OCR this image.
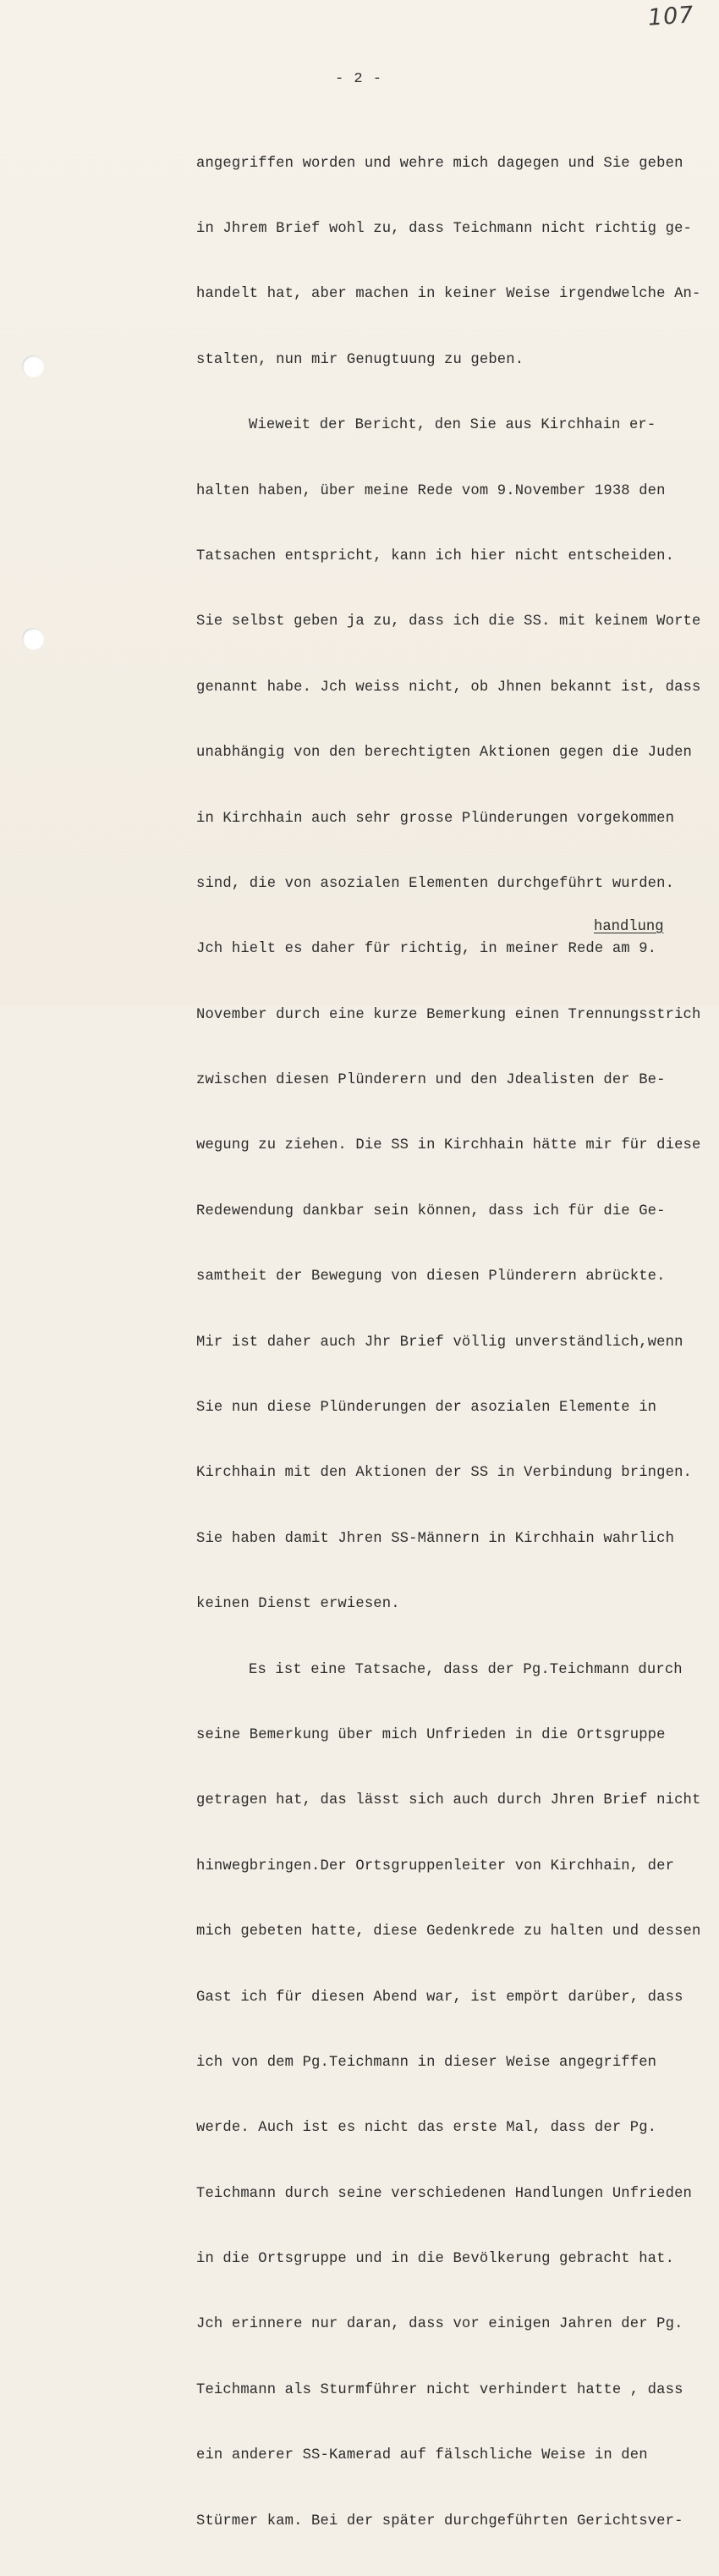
107
- 2 -

angegriffen worden und wehre mich dagegen und Sie geben

in Jhrem Brief wohl zu, dass Teichmann nicht richtig ge-

handelt hat, aber machen in keiner Weise irgendwelche An-

stalten, nun mir Genugtuung zu geben.

Wieweit der Bericht, den Sie aus Kirchhain er-

halten haben, über meine Rede vom 9.November 1938 den

Tatsachen entspricht, kann ich hier nicht entscheiden.

Sie selbst geben ja zu, dass ich die SS. mit keinem Worte

genannt habe. Jch weiss nicht, ob Jhnen bekannt ist, dass

unabhängig von den berechtigten Aktionen gegen die Juden

in Kirchhain auch sehr grosse Plünderungen vorgekommen

sind, die von asozialen Elementen durchgeführt wurden.

Jch hielt es daher für richtig, in meiner Rede am 9.

November durch eine kurze Bemerkung einen Trennungsstrich

zwischen diesen Plünderern und den Jdealisten der Be-

wegung zu ziehen. Die SS in Kirchhain hätte mir für diese

Redewendung dankbar sein können, dass ich für die Ge-

samtheit der Bewegung von diesen Plünderern abrückte.

Mir ist daher auch Jhr Brief völlig unverständlich,wenn

Sie nun diese Plünderungen der asozialen Elemente in

Kirchhain mit den Aktionen der SS in Verbindung bringen.

Sie haben damit Jhren SS-Männern in Kirchhain wahrlich

keinen Dienst erwiesen.

Es ist eine Tatsache, dass der Pg.Teichmann durch

seine Bemerkung über mich Unfrieden in die Ortsgruppe

getragen hat, das lässt sich auch durch Jhren Brief nicht

hinwegbringen.Der Ortsgruppenleiter von Kirchhain, der

mich gebeten hatte, diese Gedenkrede zu halten und dessen

Gast ich für diesen Abend war, ist empört darüber, dass

ich von dem Pg.Teichmann in dieser Weise angegriffen

werde. Auch ist es nicht das erste Mal, dass der Pg.

Teichmann durch seine verschiedenen Handlungen Unfrieden

in die Ortsgruppe und in die Bevölkerung gebracht hat.

Jch erinnere nur daran, dass vor einigen Jahren der Pg.

Teichmann als Sturmführer nicht verhindert hatte , dass

ein anderer SS-Kamerad auf fälschliche Weise in den

Stürmer kam. Bei der später durchgeführten Gerichtsver-

handlung
